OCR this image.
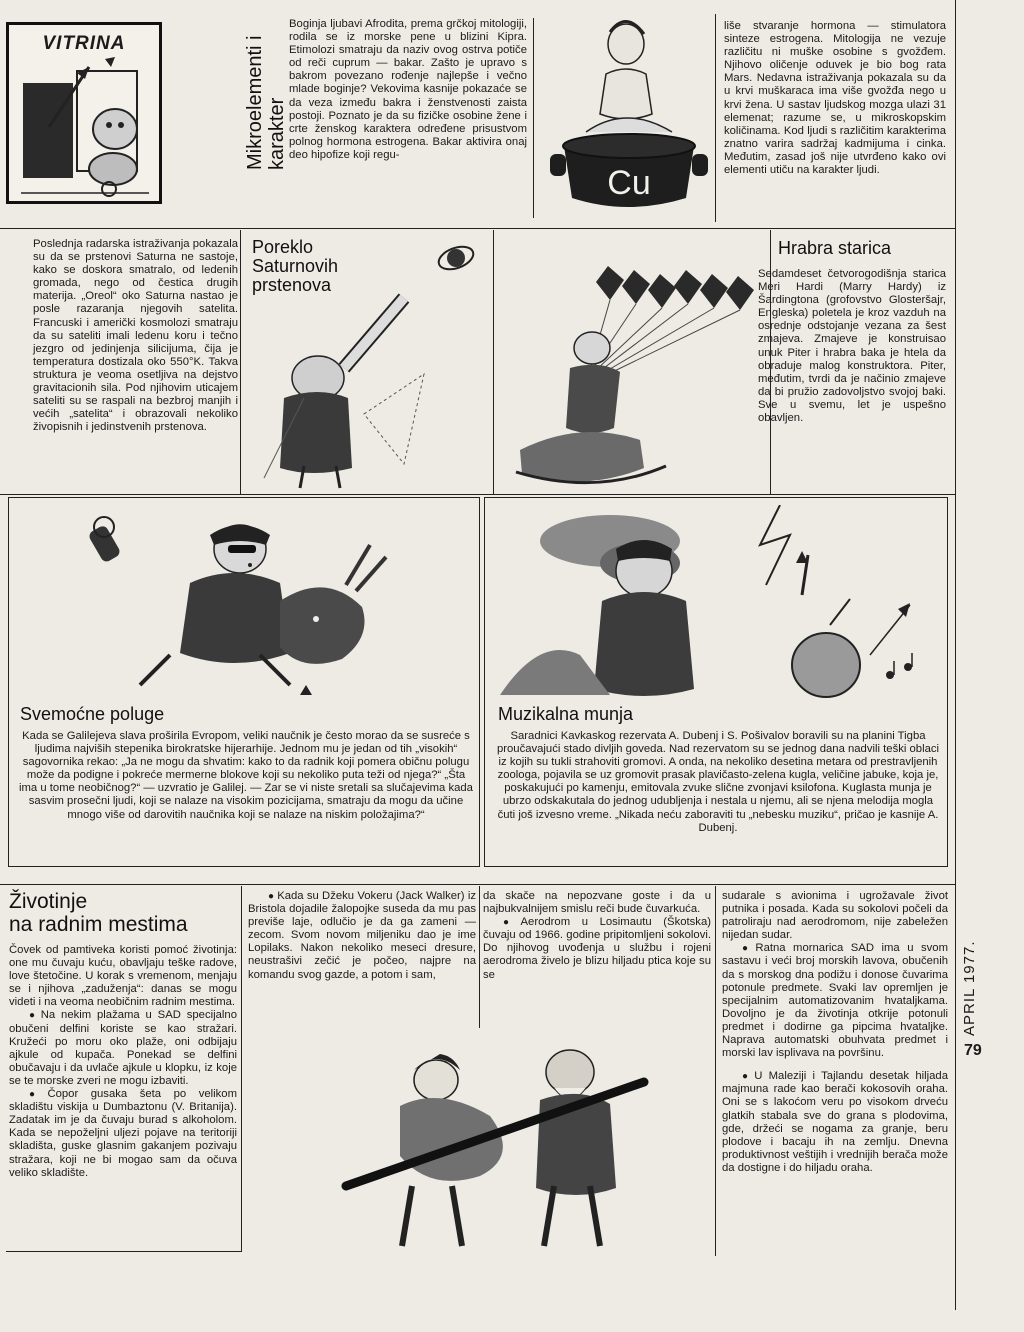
VITRINA	Mikroelementi i karakter
Boginja ljubavi Afrodita, prema grčkoj mitologiji, rodila se iz morske pene u blizini Kipra. Etimolozi smatraju da naziv ovog ostrva potiče od reči cuprum — bakar. Zašto je upravo s bakrom povezano rođenje najlepše i večno mlade boginje? Vekovima kasnije pokazaće se da veza između bakra i ženstvenosti zaista postoji. Poznato je da su fizičke osobine žene i crte ženskog karaktera određene prisustvom polnog hormona estrogena. Bakar aktivira onaj deo hipofize koji regu-
Cu
liše stvaranje hormona — stimulatora sinteze estrogena. Mitologija ne vezuje različitu ni muške osobine s gvožđem. Njihovo oličenje oduvek je bio bog rata Mars. Nedavna istraživanja pokazala su da u krvi muškaraca ima više gvožđa nego u krvi žena. U sastav ljudskog mozga ulazi 31 elemenat; razume se, u mikroskopskim količinama. Kod ljudi s različitim karakterima znatno varira sadržaj kadmijuma i cinka. Međutim, zasad još nije utvrđeno kako ovi elementi utiču na karakter ljudi.
Poslednja radarska istraživanja pokazala su da se prstenovi Saturna ne sastoje, kako se doskora smatralo, od ledenih gromada, nego od čestica drugih materija. „Oreol“ oko Saturna nastao je posle razaranja njegovih satelita. Francuski i američki kosmolozi smatraju da su sateliti imali ledenu koru i tečno jezgro od jedinjenja silicijuma, čija je temperatura dostizala oko 550°K. Takva struktura je veoma osetljiva na dejstvo gravitacionih sila. Pod njihovim uticajem sateliti su se raspali na bezbroj manjih i većih „satelita“ i obrazovali nekoliko živopisnih i jedinstvenih prstenova.
Poreklo Saturnovih prstenova
Hrabra starica
Sedamdeset četvorogodišnja starica Meri Hardi (Marry Hardy) iz Šardingtona (grofovstvo Glosteršajr, Engleska) poletela je kroz vazduh na osrednje odstojanje vezana za šest zmajeva. Zmajeve je konstruisao unuk Piter i hrabra baka je htela da obraduje malog konstruktora. Piter, međutim, tvrdi da je načinio zmajeve da bi pružio zadovoljstvo svojoj baki. Sve u svemu, let je uspešno obavljen.
Svemoćne poluge
Kada se Galilejeva slava proširila Evropom, veliki naučnik je često morao da se susreće s ljudima najviših stepenika birokratske hijerarhije. Jednom mu je jedan od tih „visokih“ sagovornika rekao: „Ja ne mogu da shvatim: kako to da radnik koji pomera običnu polugu može da podigne i pokreće mermerne blokove koji su nekoliko puta teži od njega?“ „Šta ima u tome neobičnog?“ — uzvratio je Galilej. — Zar se vi niste sretali sa slučajevima kada sasvim prosečni ljudi, koji se nalaze na visokim pozicijama, smatraju da mogu da učine mnogo više od darovitih naučnika koji se nalaze na niskim položajima?“
Muzikalna munja
Saradnici Kavkaskog rezervata A. Dubenj i S. Pošivalov boravili su na planini Tigba proučavajući stado divljih goveda. Nad rezervatom su se jednog dana nadvili teški oblaci iz kojih su tukli strahoviti gromovi. A onda, na nekoliko desetina metara od prestravljenih zoologa, pojavila se uz gromovit prasak plavičasto-zelena kugla, veličine jabuke, koja je, poskakujući po kamenju, emitovala zvuke slične zvonjavi ksilofona. Kuglasta munja je ubrzo odskakutala do jednog udubljenja i nestala u njemu, ali se njena melodija mogla čuti još izvesno vreme. „Nikada neću zaboraviti tu „nebesku muziku“, pričao je kasnije A. Dubenj.
Životinje
na radnim mestima

Čovek od pamtiveka koristi pomoć životinja: one mu čuvaju kuću, obavljaju teške radove, love štetočine. U korak s vremenom, menjaju se i njihova „zaduženja“: danas se mogu videti i na veoma neobičnim radnim mestima.

● Na nekim plažama u SAD specijalno obučeni delfini koriste se kao stražari. Kružeći po moru oko plaže, oni odbijaju ajkule od kupača. Ponekad se delfini obučavaju i da uvlače ajkule u klopku, iz koje se te morske zveri ne mogu izbaviti.

● Čopor gusaka šeta po velikom skladištu viskija u Dumbaztonu (V. Britanija). Zadatak im je da čuvaju burad s alkoholom. Kada se nepoželjni uljezi pojave na teritoriji skladišta, guske glasnim gakanjem pozivaju stražara, koji ne bi mogao sam da očuva veliko skladište.

● Kada su Džeku Vokeru (Jack Walker) iz Bristola dojadile žalopojke suseda da mu pas previše laje, odlučio je da ga zameni — zecom. Svom novom miljeniku dao je ime Lopilaks. Nakon nekoliko meseci dresure, neustrašivi zečić je počeo, najpre na komandu svog gazde, a potom i sam,

da skače na nepozvane goste i da u najbukvalnijem smislu reči bude čuvarkuća.

● Aerodrom u Losimautu (Škotska) čuvaju od 1966. godine pripitomljeni sokolovi. Do njihovog uvođenja u službu i rojeni aerodroma živelo je blizu hiljadu ptica koje su se

sudarale s avionima i ugrožavale život putnika i posada. Kada su sokolovi počeli da patroliraju nad aerodromom, nije zabeležen nijedan sudar.

● Ratna mornarica SAD ima u svom sastavu i veći broj morskih lavova, obučenih da s morskog dna podižu i donose čuvarima potonule predmete. Svaki lav opremljen je specijalnim automatizovanim hvataljkama. Dovoljno je da životinja otkrije potonuli predmet i dodirne ga pipcima hvataljke. Naprava automatski obuhvata predmet i morski lav isplivava na površinu.

● U Maleziji i Tajlandu desetak hiljada majmuna rade kao berači kokosovih oraha. Oni se s lakoćom veru po visokom drveću glatkih stabala sve do grana s plodovima, gde, držeći se nogama za granje, beru plodove i bacaju ih na zemlju. Dnevna produktivnost veštijih i vrednijih berača može da dostigne i do hiljadu oraha.

APRIL 1977.
79
